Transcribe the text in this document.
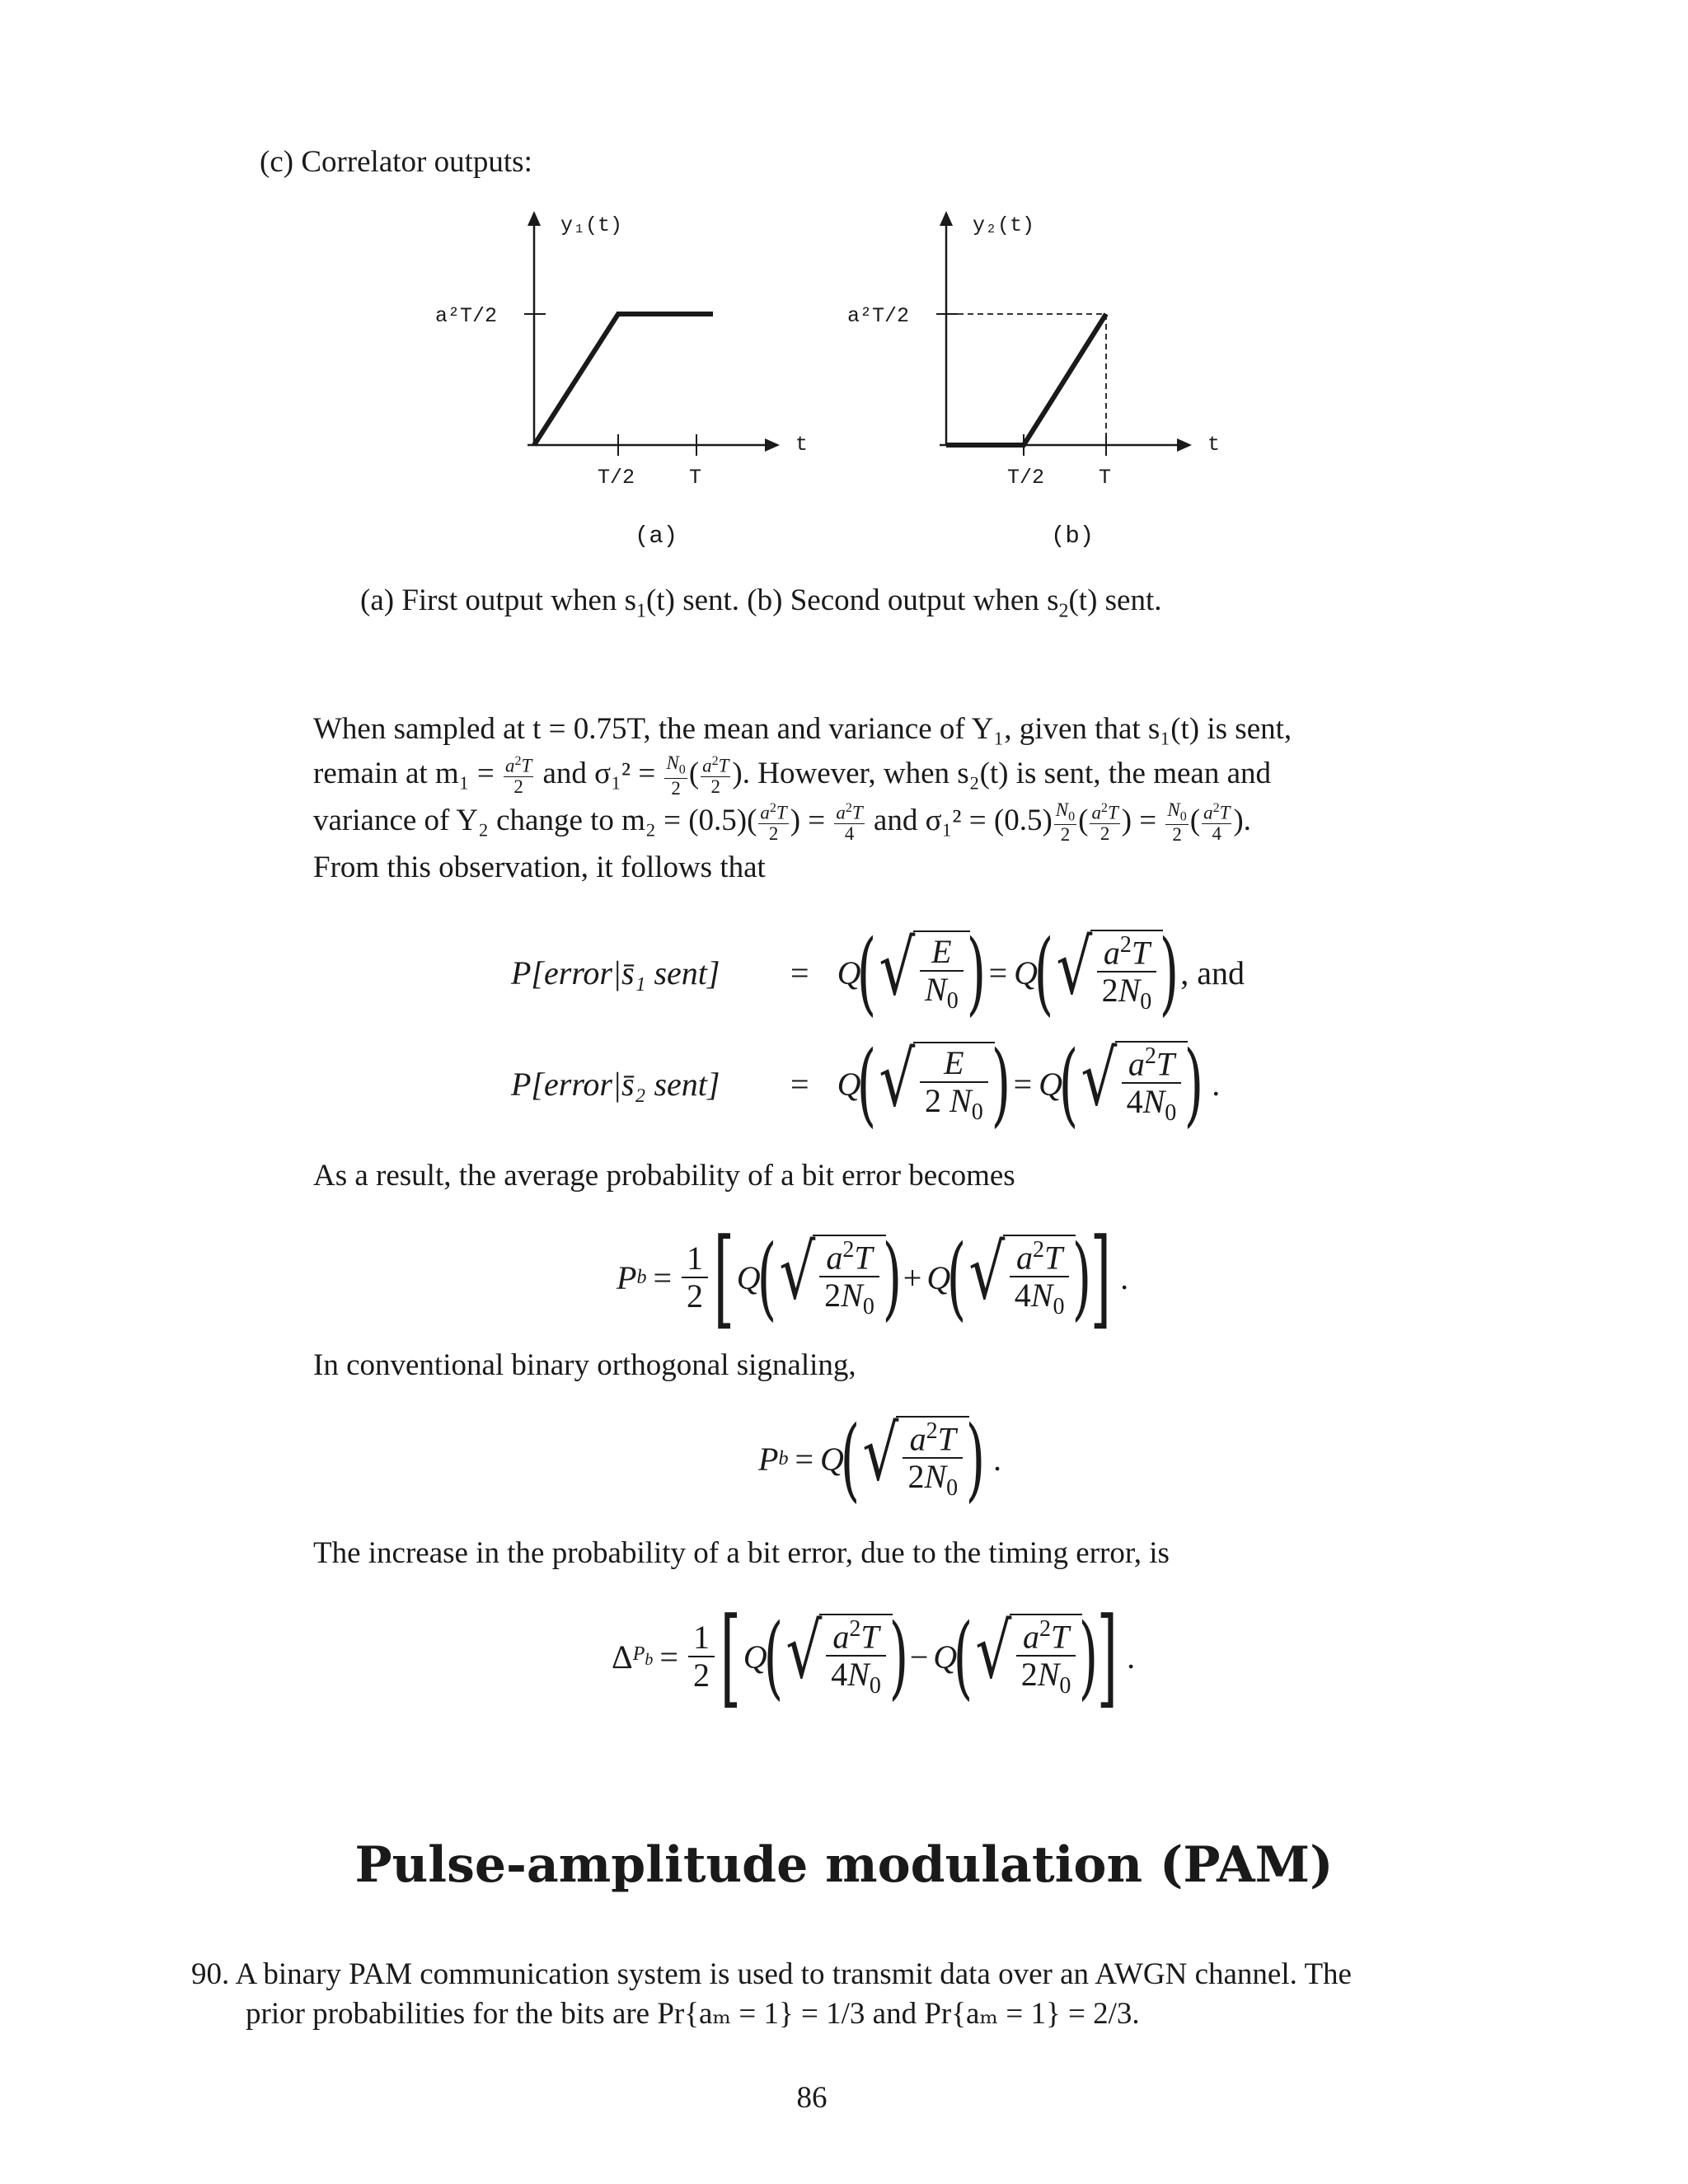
(c) Correlator outputs:
y₁(t)
a²T/2
T/2	T
t
(a)
y₂(t)
a²T/2
T/2	T
t
(b)
(a) First output when $s_1(t)$ sent. (b) Second output when $s_2(t)$ sent.

When sampled at t = 0.75T, the mean and variance of Y₁, given that s₁(t) is sent,

remain at $m_1 = \frac{a^2T}{2}$ and $\sigma_1^2 = \frac{N_0}{2}$ ( $\frac{a^2T}{2}$ ). However, when s₂(t) is sent, the mean and

variance of Y₂ change to $m_2 = (0.5)( \frac{a^2T}{2}$ ) = $\frac{a^2T}{4}$ and $\sigma_1^2 = (0.5) \frac{N_0}{2}$ ( $\frac{a^2T}{2}$ ) = $\frac{N_0}{2}$ ( $\frac{a^2T}{4}$ ).

From this observation, it follows that

P[error|s̄₁ sent]	= Q
( √ $\frac{E}{N_0}$ ) = Q
( √ $\frac{a^2T}{2N_0}$ ) , and
P[error|s̄₂ sent]	= Q
( √ $\frac{E}{2 N_0}$ ) = Q
( √ $\frac{a^2T}{4N_0}$ ) .

As a result, the average probability of a bit error becomes

P $b = \frac{1}{2}$ [ Q
( √ $\frac{a^2T}{2N_0}$ ) + Q
( √ $\frac{a^2T}{4N_0}$ )
] .

In conventional binary orthogonal signaling,

P b = Q
( √ $\frac{a^2T}{2N_0}$ ) .

The increase in the probability of a bit error, due to the timing error, is

Δ $P_b = \frac{1}{2}$ [ Q
( √ $\frac{a^2T}{4N_0}$ ) − Q
( √ $\frac{a^2T}{2N_0}$ )
] .
Pulse-amplitude modulation (PAM)
90. A binary PAM communication system is used to transmit data over an AWGN channel. The
prior probabilities for the bits are Pr{aₘ = 1} = 1/3 and Pr{aₘ = 1} = 2/3.
86
